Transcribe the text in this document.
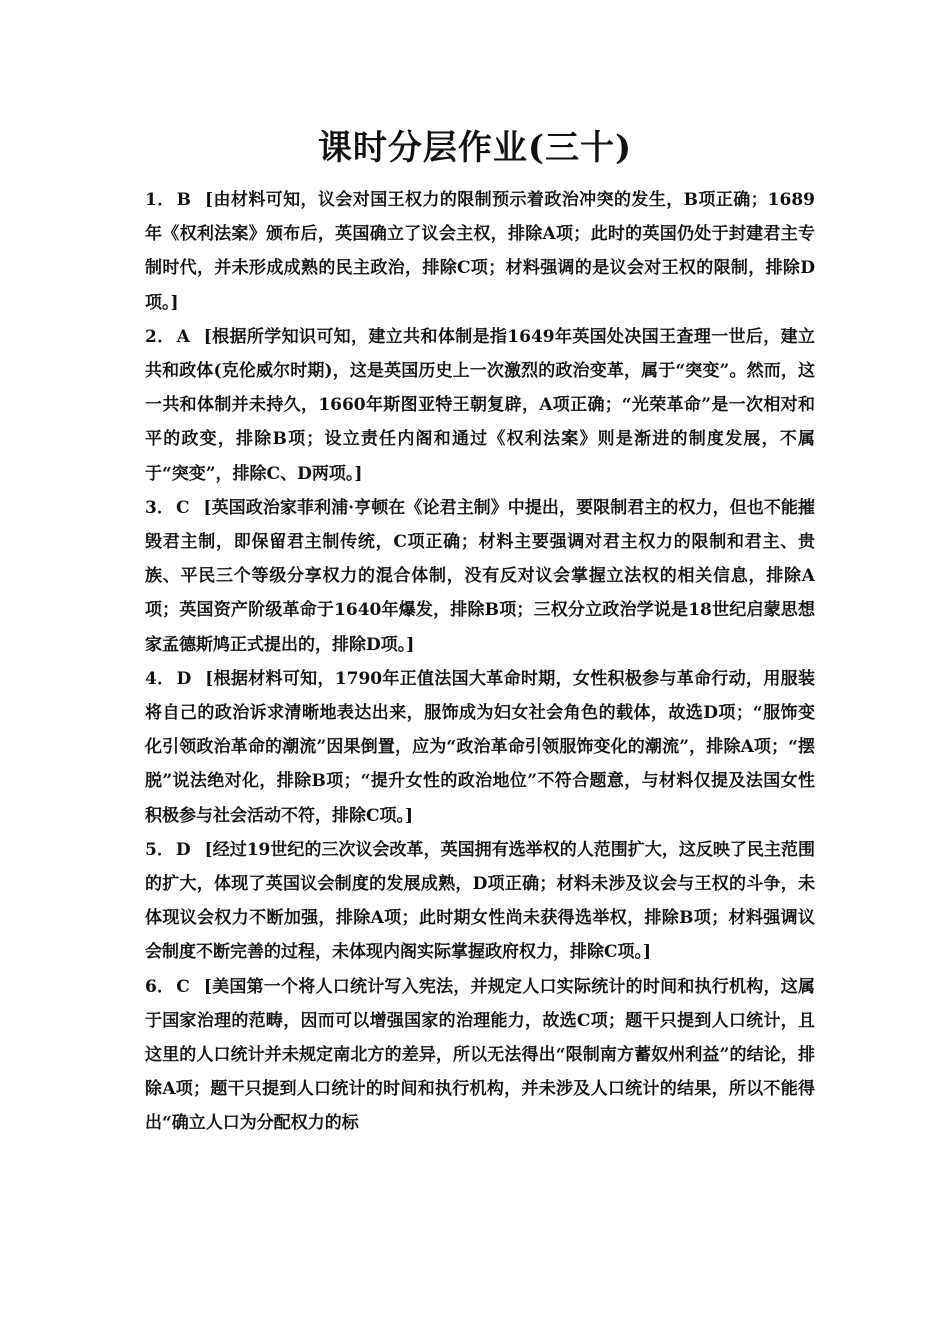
课时分层作业(三十)

1． B [由材料可知，议会对国王权力的限制预示着政治冲突的发生，B项正确；1689年《权利法案》颁布后，英国确立了议会主权，排除A项；此时的英国仍处于封建君主专制时代，并未形成成熟的民主政治，排除C项；材料强调的是议会对王权的限制，排除D项。]

2． A [根据所学知识可知，建立共和体制是指1649年英国处决国王查理一世后，建立共和政体(克伦威尔时期)，这是英国历史上一次激烈的政治变革，属于“突变”。然而，这一共和体制并未持久，1660年斯图亚特王朝复辟，A项正确；“光荣革命”是一次相对和平的政变，排除B项；设立责任内阁和通过《权利法案》则是渐进的制度发展，不属于“突变”，排除C、D两项。]

3． C [英国政治家菲利浦·亨顿在《论君主制》中提出，要限制君主的权力，但也不能摧毁君主制，即保留君主制传统，C项正确；材料主要强调对君主权力的限制和君主、贵族、平民三个等级分享权力的混合体制，没有反对议会掌握立法权的相关信息，排除A项；英国资产阶级革命于1640年爆发，排除B项；三权分立政治学说是18世纪启蒙思想家孟德斯鸠正式提出的，排除D项。]

4． D [根据材料可知，1790年正值法国大革命时期，女性积极参与革命行动，用服装将自己的政治诉求清晰地表达出来，服饰成为妇女社会角色的载体，故选D项；“服饰变化引领政治革命的潮流”因果倒置，应为“政治革命引领服饰变化的潮流”，排除A项；“摆脱”说法绝对化，排除B项；“提升女性的政治地位”不符合题意，与材料仅提及法国女性积极参与社会活动不符，排除C项。]

5． D [经过19世纪的三次议会改革，英国拥有选举权的人范围扩大，这反映了民主范围的扩大，体现了英国议会制度的发展成熟，D项正确；材料未涉及议会与王权的斗争，未体现议会权力不断加强，排除A项；此时期女性尚未获得选举权，排除B项；材料强调议会制度不断完善的过程，未体现内阁实际掌握政府权力，排除C项。]

6． C [美国第一个将人口统计写入宪法，并规定人口实际统计的时间和执行机构，这属于国家治理的范畴，因而可以增强国家的治理能力，故选C项；题干只提到人口统计，且这里的人口统计并未规定南北方的差异，所以无法得出“限制南方蓄奴州利益”的结论，排除A项；题干只提到人口统计的时间和执行机构，并未涉及人口统计的结果，所以不能得出“确立人口为分配权力的标
